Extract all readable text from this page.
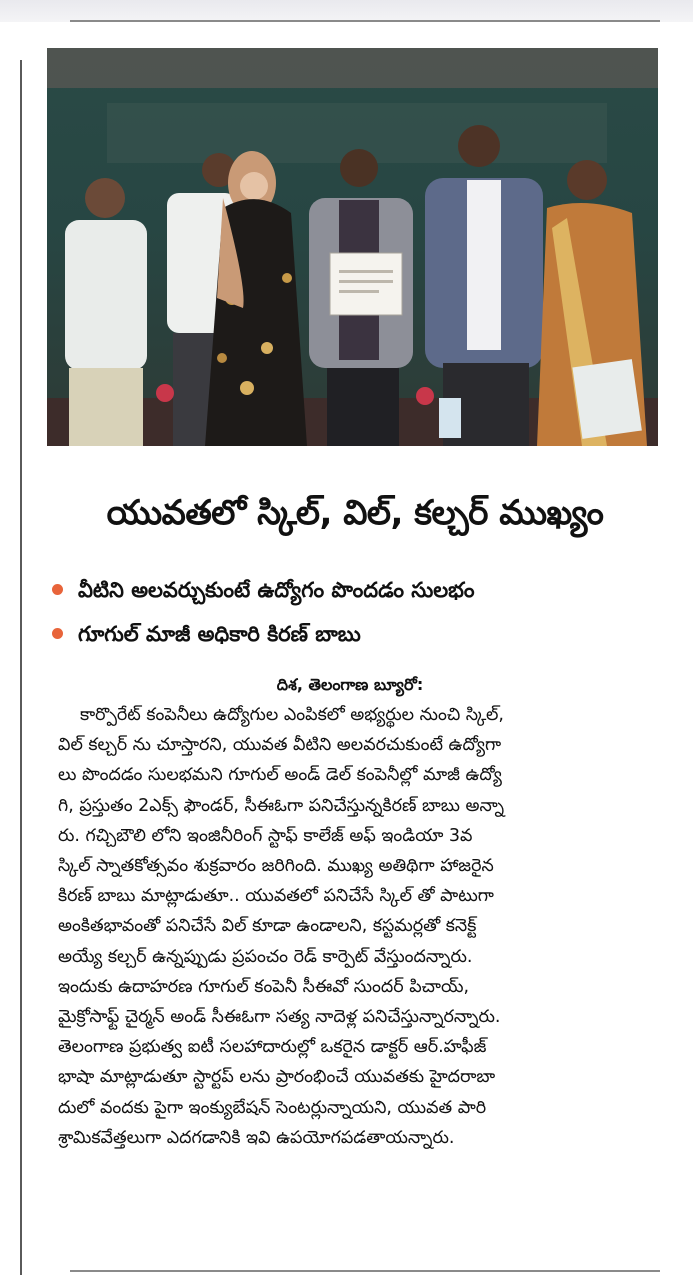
యువతలో స్కిల్, విల్, కల్చర్ ముఖ్యం
వీటిని అలవర్చుకుంటే ఉద్యోగం పొందడం సులభం
గూగుల్ మాజీ అధికారి కిరణ్ బాబు
దిశ, తెలంగాణ బ్యూరో:
కార్పొరేట్ కంపెనీలు ఉద్యోగుల ఎంపికలో అభ్యర్థుల నుంచి స్కిల్,
విల్ కల్చర్ ను చూస్తారని, యువత వీటిని అలవరచుకుంటే ఉద్యోగా
లు పొందడం సులభమని గూగుల్ అండ్ డెల్ కంపెనీల్లో మాజీ ఉద్యో
గి, ప్రస్తుతం 2ఎక్స్ ఫౌండర్, సీఈఓగా పనిచేస్తున్నకిరణ్ బాబు అన్నా
రు. గచ్చిబౌలి లోని ఇంజినీరింగ్ స్టాఫ్ కాలేజ్ అఫ్ ఇండియా 3వ
స్కిల్ స్నాతకోత్సవం శుక్రవారం జరిగింది. ముఖ్య అతిథిగా హాజరైన
కిరణ్ బాబు మాట్లాడుతూ.. యువతలో పనిచేసే స్కిల్ తో పాటుగా
అంకితభావంతో పనిచేసే విల్ కూడా ఉండాలని, కస్టమర్లతో కనెక్ట్
అయ్యే కల్చర్ ఉన్నప్పుడు ప్రపంచం రెడ్ కార్పెట్ వేస్తుందన్నారు.
ఇందుకు ఉదాహరణ గూగుల్ కంపెనీ సీఈవో సుందర్ పిచాయ్,
మైక్రోసాఫ్ట్ చైర్మన్ అండ్ సీఈఓగా సత్య నాదెళ్ల పనిచేస్తున్నారన్నారు.
తెలంగాణ ప్రభుత్వ ఐటీ సలహాదారుల్లో ఒకరైన డాక్టర్ ఆర్.హఫీజ్
భాషా మాట్లాడుతూ స్టార్టప్ లను ప్రారంభించే యువతకు హైదరాబా
దులో వందకు పైగా ఇంక్యుబేషన్ సెంటర్లున్నాయని, యువత పారి
శ్రామికవేత్తలుగా ఎదగడానికి ఇవి ఉపయోగపడతాయన్నారు.
